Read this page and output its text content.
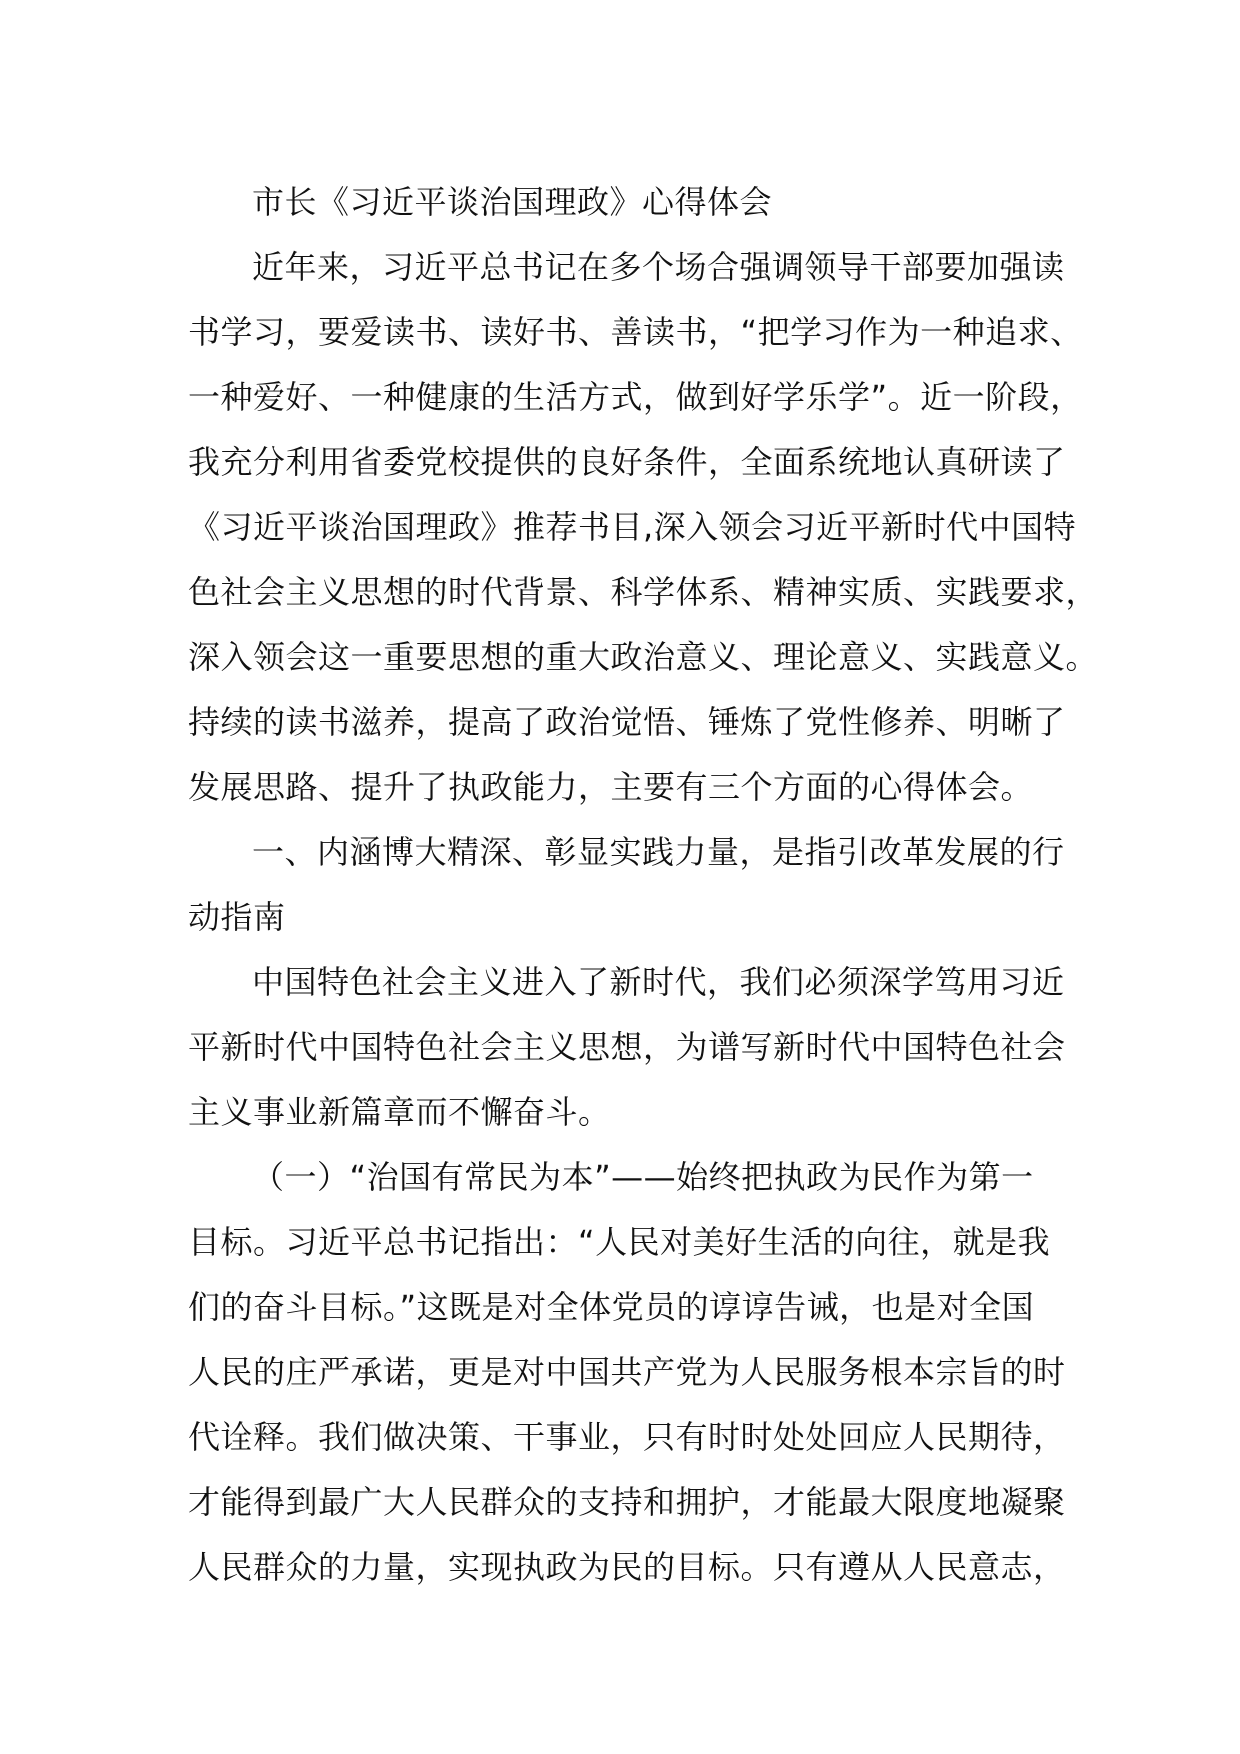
市长《习近平谈治国理政》心得体会
近年来，习近平总书记在多个场合强调领导干部要加强读
书学习，要爱读书、读好书、善读书，“把学习作为一种追求、
一种爱好、一种健康的生活方式，做到好学乐学”。近一阶段，
我充分利用省委党校提供的良好条件，全面系统地认真研读了
《习近平谈治国理政》推荐书目,深入领会习近平新时代中国特
色社会主义思想的时代背景、科学体系、精神实质、实践要求，
深入领会这一重要思想的重大政治意义、理论意义、实践意义。
持续的读书滋养，提高了政治觉悟、锤炼了党性修养、明晰了
发展思路、提升了执政能力，主要有三个方面的心得体会。
一、内涵博大精深、彰显实践力量，是指引改革发展的行
动指南
中国特色社会主义进入了新时代，我们必须深学笃用习近
平新时代中国特色社会主义思想，为谱写新时代中国特色社会
主义事业新篇章而不懈奋斗。
（一）“治国有常民为本”——始终把执政为民作为第一
目标。习近平总书记指出：“人民对美好生活的向往，就是我
们的奋斗目标。”这既是对全体党员的谆谆告诫，也是对全国
人民的庄严承诺，更是对中国共产党为人民服务根本宗旨的时
代诠释。我们做决策、干事业，只有时时处处回应人民期待，
才能得到最广大人民群众的支持和拥护，才能最大限度地凝聚
人民群众的力量，实现执政为民的目标。只有遵从人民意志，
